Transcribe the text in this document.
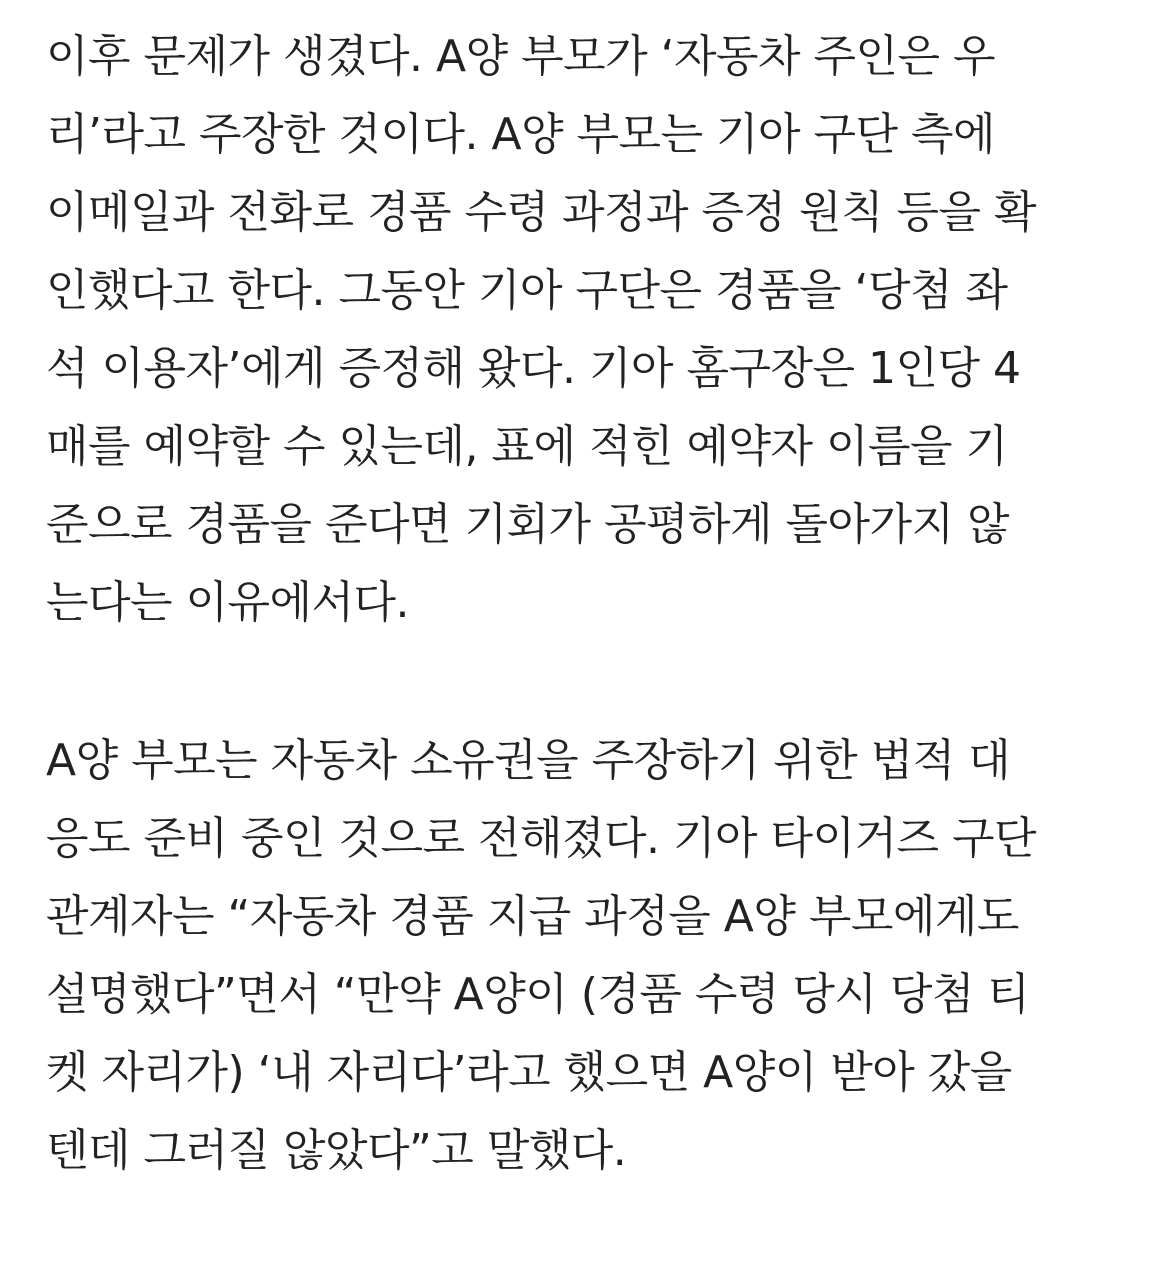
이후 문제가 생겼다. A양 부모가 ‘자동차 주인은 우
리’라고 주장한 것이다. A양 부모는 기아 구단 측에
이메일과 전화로 경품 수령 과정과 증정 원칙 등을 확
인했다고 한다. 그동안 기아 구단은 경품을 ‘당첨 좌
석 이용자’에게 증정해 왔다. 기아 홈구장은 1인당 4
매를 예약할 수 있는데, 표에 적힌 예약자 이름을 기
준으로 경품을 준다면 기회가 공평하게 돌아가지 않
는다는 이유에서다.

A양 부모는 자동차 소유권을 주장하기 위한 법적 대
응도 준비 중인 것으로 전해졌다. 기아 타이거즈 구단
관계자는 “자동차 경품 지급 과정을 A양 부모에게도
설명했다”면서 “만약 A양이 (경품 수령 당시 당첨 티
켓 자리가) ‘내 자리다’라고 했으면 A양이 받아 갔을
텐데 그러질 않았다”고 말했다.
